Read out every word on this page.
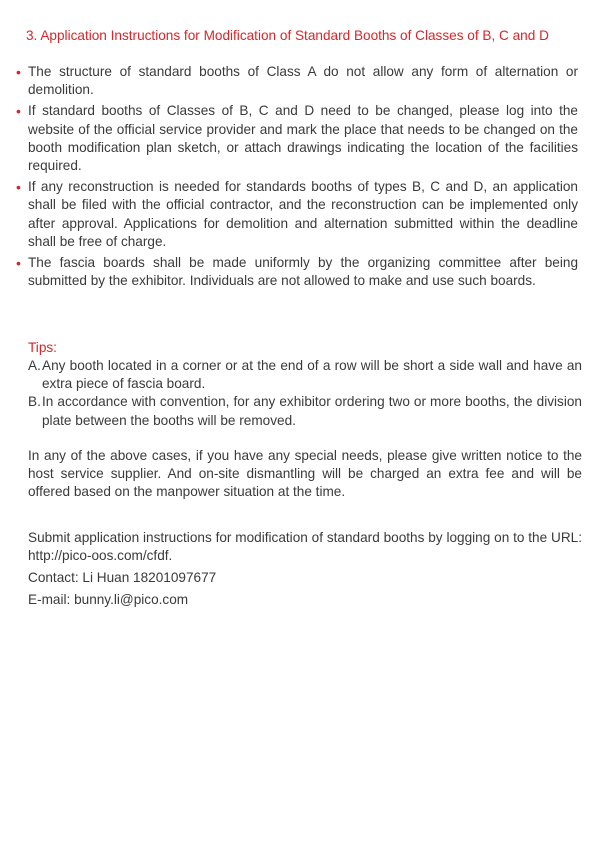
3. Application Instructions for Modification of Standard Booths of Classes of B, C and D
• The structure of standard booths of Class A do not allow any form of alternation or demolition.
• If standard booths of Classes of B, C and D need to be changed, please log into the website of the official service provider and mark the place that needs to be changed on the booth modification plan sketch, or attach drawings indicating the location of the facilities required.
• If any reconstruction is needed for standards booths of types B, C and D, an application shall be filed with the official contractor, and the reconstruction can be implemented only after approval. Applications for demolition and alternation submitted within the deadline shall be free of charge.
• The fascia boards shall be made uniformly by the organizing committee after being submitted by the exhibitor. Individuals are not allowed to make and use such boards.
Tips:
A. Any booth located in a corner or at the end of a row will be short a side wall and have an extra piece of fascia board.
B. In accordance with convention, for any exhibitor ordering two or more booths, the division plate between the booths will be removed.

In any of the above cases, if you have any special needs, please give written notice to the host service supplier. And on-site dismantling will be charged an extra fee and will be offered based on the manpower situation at the time.

Submit application instructions for modification of standard booths by logging on to the URL: http://pico-oos.com/cfdf.

Contact: Li Huan 18201097677

E-mail: bunny.li@pico.com
